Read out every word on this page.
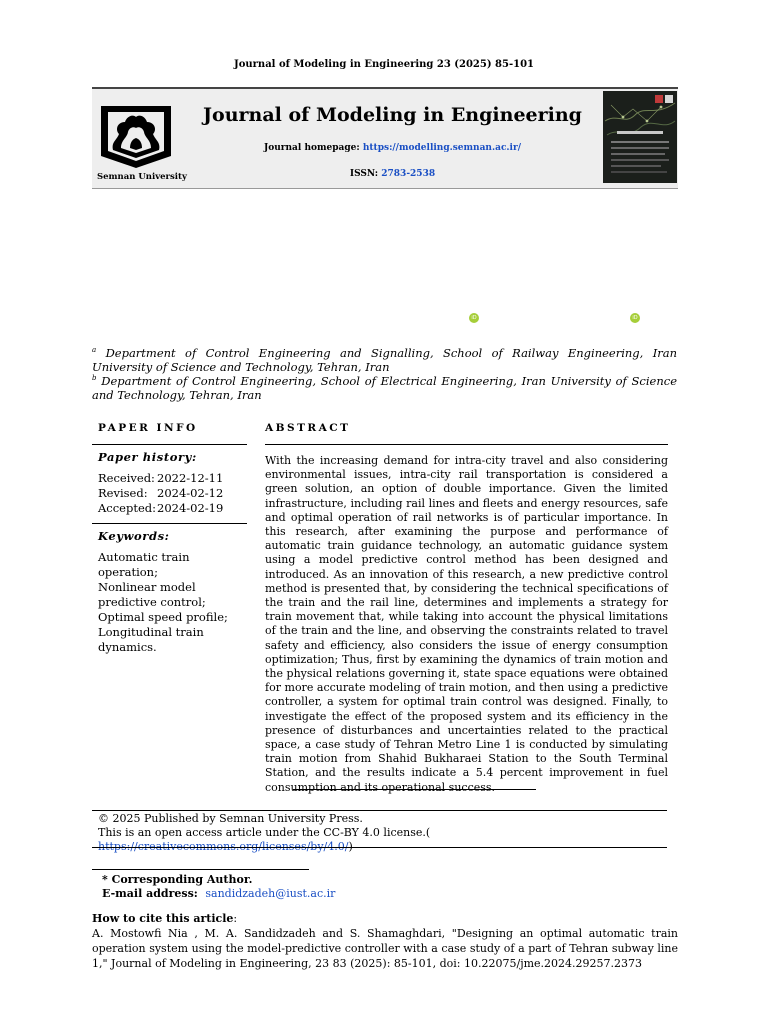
Journal of Modeling in Engineering 23 (2025) 85-101
Semnan University
Journal of Modeling in Engineering
Journal homepage: https://modelling.semnan.ac.ir/
ISSN: 2783-2538
iD	iD
$^a$ Department of Control Engineering and Signalling, School of Railway Engineering, Iran University of Science and Technology, Tehran, Iran
$^b$ Department of Control Engineering, School of Electrical Engineering, Iran University of Science and Technology, Tehran, Iran
PAPER INFO
Paper history:
Received: 2022-12-11
Revised: 2024-02-12
Accepted: 2024-02-19
Keywords:
Automatic train operation;
Nonlinear model predictive control;
Optimal speed profile;
Longitudinal train dynamics.
ABSTRACT
With the increasing demand for intra-city travel and also considering environmental issues, intra-city rail transportation is considered a green solution, an option of double importance. Given the limited infrastructure, including rail lines and fleets and energy resources, safe and optimal operation of rail networks is of particular importance. In this research, after examining the purpose and performance of automatic train guidance technology, an automatic guidance system using a model predictive control method has been designed and introduced. As an innovation of this research, a new predictive control method is presented that, by considering the technical specifications of the train and the rail line, determines and implements a strategy for train movement that, while taking into account the physical limitations of the train and the line, and observing the constraints related to travel safety and efficiency, also considers the issue of energy consumption optimization; Thus, first by examining the dynamics of train motion and the physical relations governing it, state space equations were obtained for more accurate modeling of train motion, and then using a predictive controller, a system for optimal train control was designed. Finally, to investigate the effect of the proposed system and its efficiency in the presence of disturbances and uncertainties related to the practical space, a case study of Tehran Metro Line 1 is conducted by simulating train motion from Shahid Bukharaei Station to the South Terminal Station, and the results indicate a 5.4 percent improvement in fuel consumption and its operational success.
© 2025 Published by Semnan University Press.
This is an open access article under the CC-BY 4.0 license.( https://creativecommons.org/licenses/by/4.0/)
* Corresponding Author.
E-mail address: sandidzadeh@iust.ac.ir
How to cite this article:
A. Mostowfi Nia , M. A. Sandidzadeh and S. Shamaghdari, "Designing an optimal automatic train operation system using the model-predictive controller with a case study of a part of Tehran subway line 1," Journal of Modeling in Engineering, 23 83 (2025): 85-101, doi: 10.22075/jme.2024.29257.2373
